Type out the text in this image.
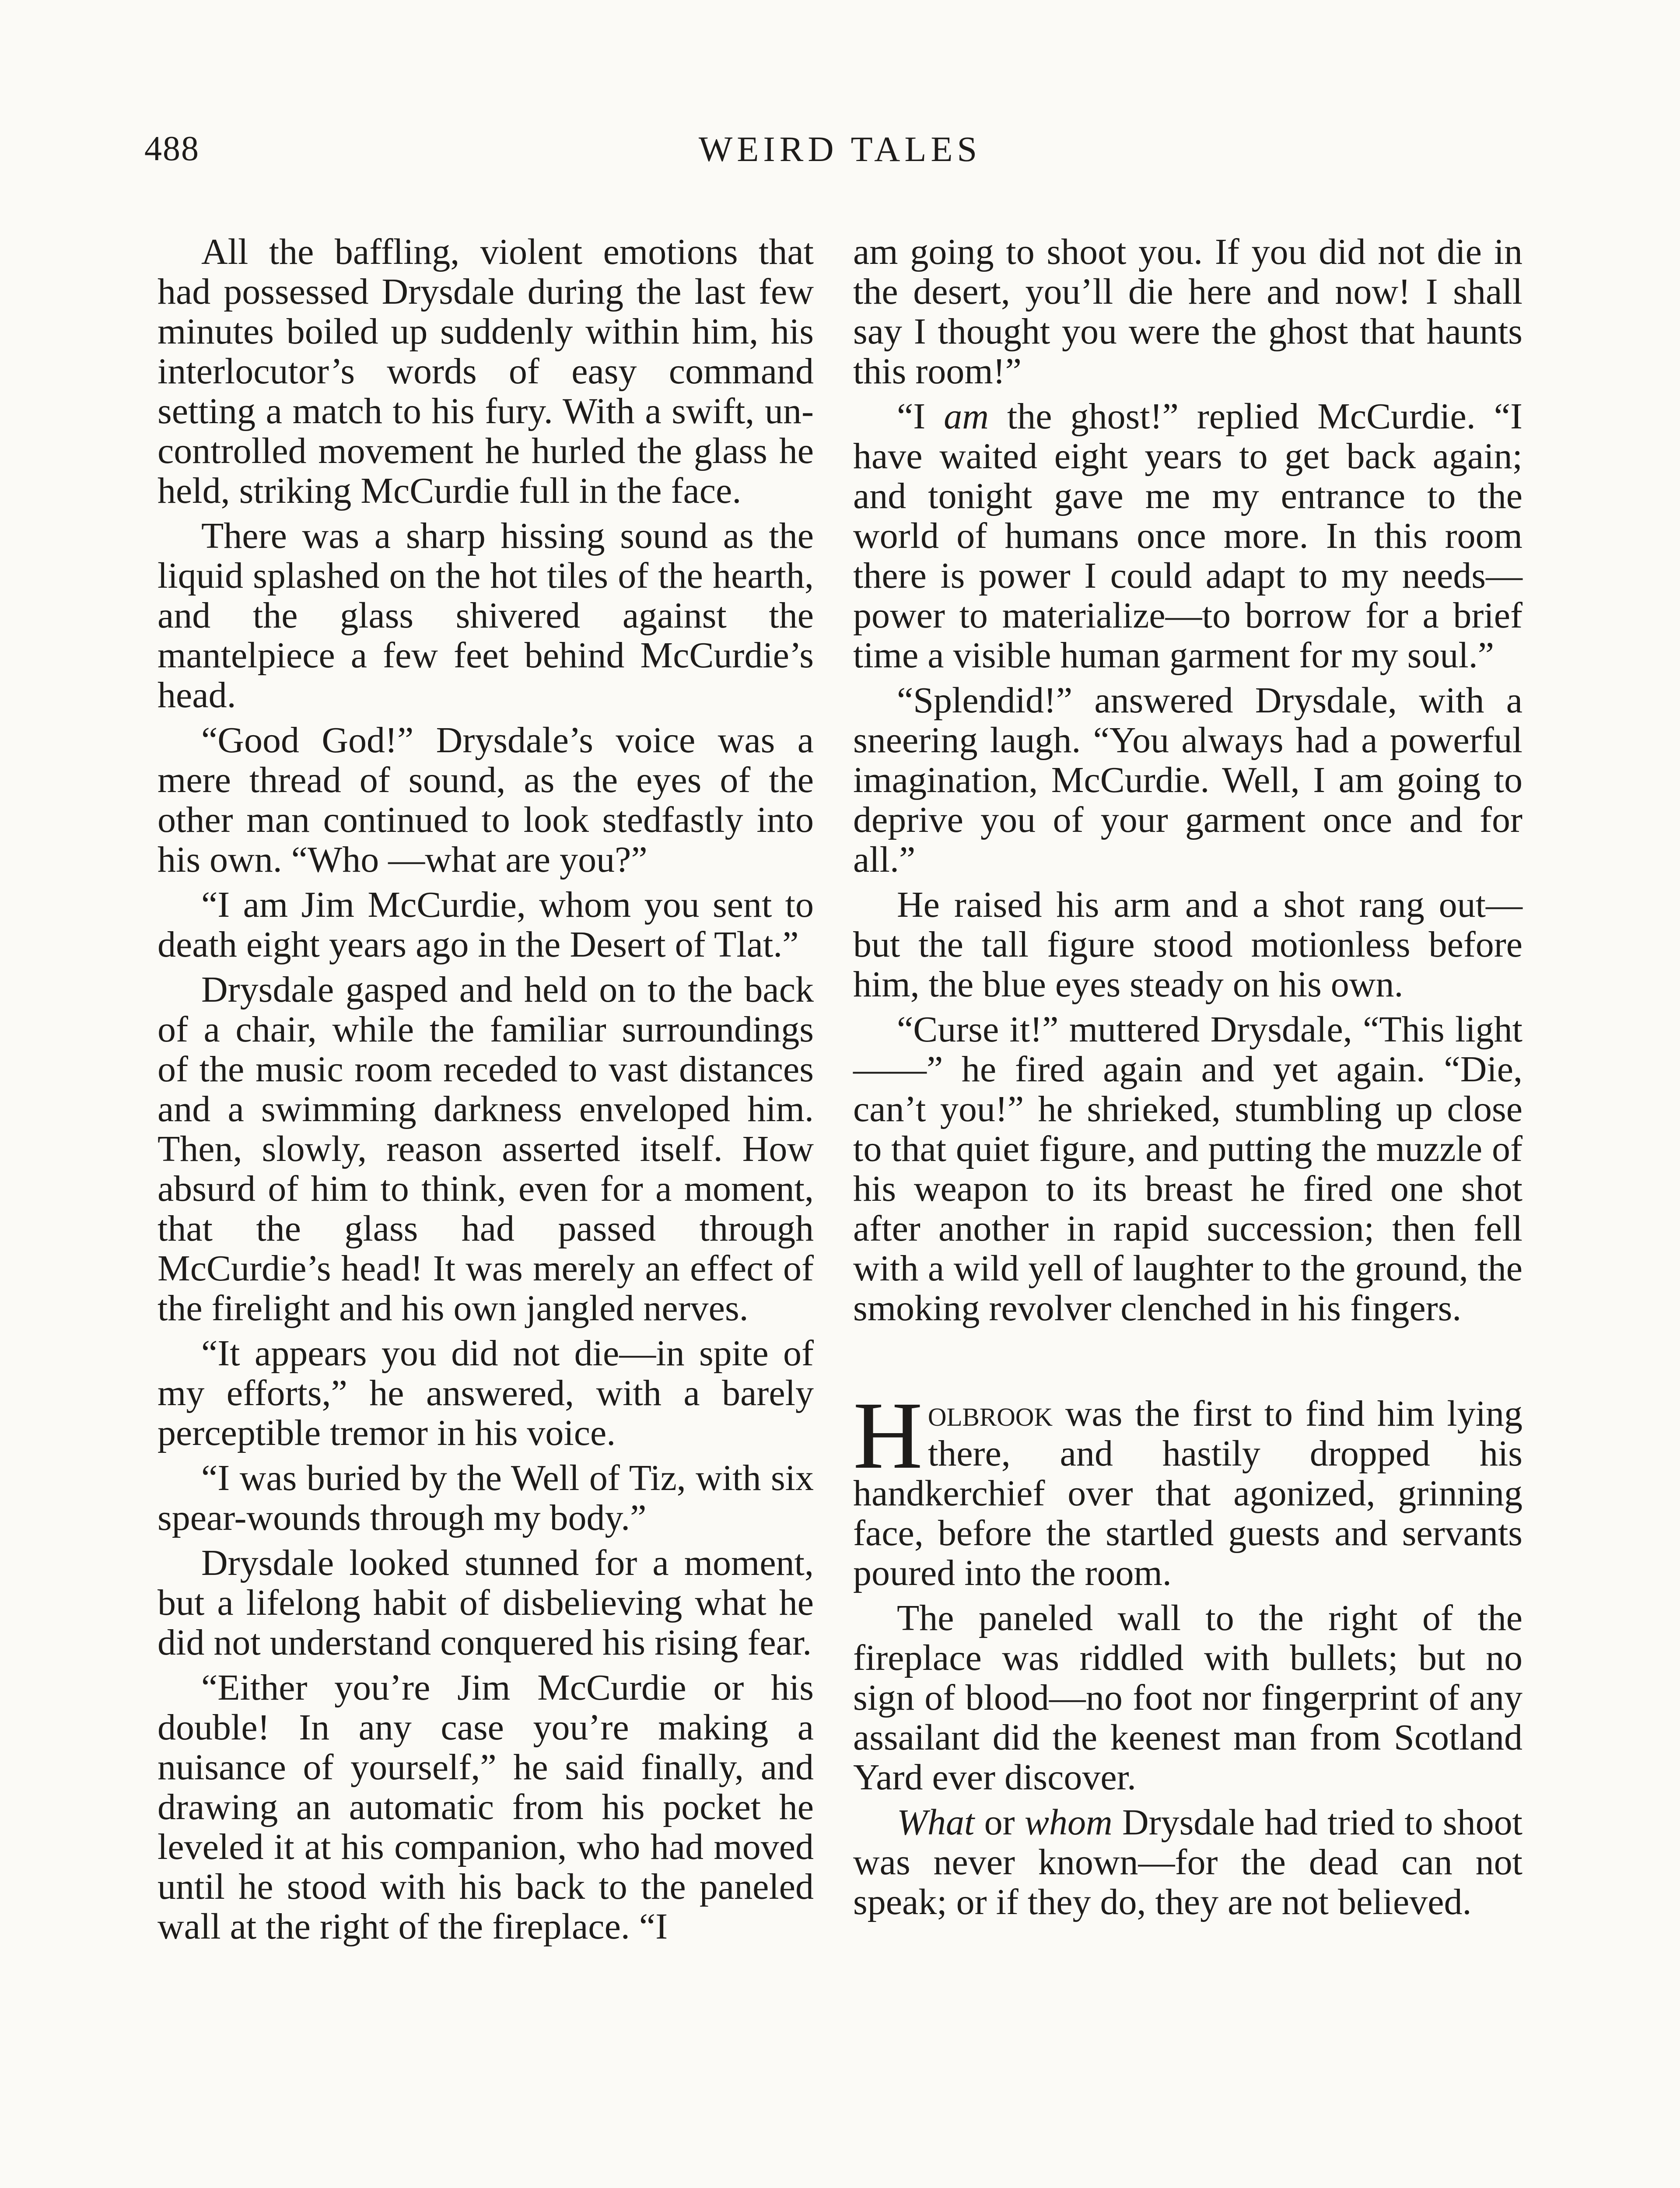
488	WEIRD TALES

All the baffling, violent emotions that had possessed Drysdale during the last few minutes boiled up suddenly within him, his interlocutor’s words of easy command setting a match to his fury. With a swift, uncontrolled movement he hurled the glass he held, striking McCurdie full in the face.

There was a sharp hissing sound as the liquid splashed on the hot tiles of the hearth, and the glass shivered against the mantelpiece a few feet behind McCurdie’s head.

“Good God!” Drysdale’s voice was a mere thread of sound, as the eyes of the other man continued to look stedfastly into his own. “Who —what are you?”

“I am Jim McCurdie, whom you sent to death eight years ago in the Desert of Tlat.”

Drysdale gasped and held on to the back of a chair, while the familiar surroundings of the music room receded to vast distances and a swimming darkness enveloped him. Then, slowly, reason asserted itself. How absurd of him to think, even for a moment, that the glass had passed through McCurdie’s head! It was merely an effect of the firelight and his own jangled nerves.

“It appears you did not die—in spite of my efforts,” he answered, with a barely perceptible tremor in his voice.

“I was buried by the Well of Tiz, with six spear-wounds through my body.”

Drysdale looked stunned for a moment, but a lifelong habit of disbelieving what he did not understand conquered his rising fear.

“Either you’re Jim McCurdie or his double! In any case you’re making a nuisance of yourself,” he said finally, and drawing an automatic from his pocket he leveled it at his companion, who had moved until he stood with his back to the paneled wall at the right of the fireplace. “I

am going to shoot you. If you did not die in the desert, you’ll die here and now! I shall say I thought you were the ghost that haunts this room!”

“I am the ghost!” replied McCurdie. “I have waited eight years to get back again; and tonight gave me my entrance to the world of humans once more. In this room there is power I could adapt to my needs—power to materialize—to borrow for a brief time a visible human garment for my soul.”

“Splendid!” answered Drysdale, with a sneering laugh. “You always had a powerful imagination, McCurdie. Well, I am going to deprive you of your garment once and for all.”

He raised his arm and a shot rang out—but the tall figure stood motionless before him, the blue eyes steady on his own.

“Curse it!” muttered Drysdale, “This light——” he fired again and yet again. “Die, can’t you!” he shrieked, stumbling up close to that quiet figure, and putting the muzzle of his weapon to its breast he fired one shot after another in rapid succession; then fell with a wild yell of laughter to the ground, the smoking revolver clenched in his fingers.

Holbrook was the first to find him lying there, and hastily dropped his handkerchief over that agonized, grinning face, before the startled guests and servants poured into the room.

The paneled wall to the right of the fireplace was riddled with bullets; but no sign of blood—no foot nor fingerprint of any assailant did the keenest man from Scotland Yard ever discover.

What or whom Drysdale had tried to shoot was never known—for the dead can not speak; or if they do, they are not believed.
